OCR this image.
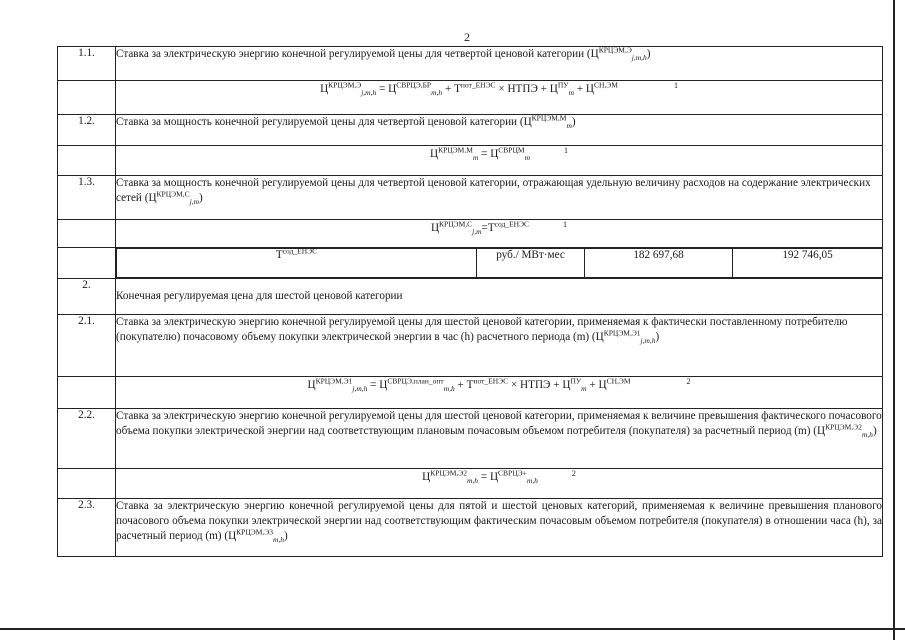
2
1.1.	Ставка за электрическую энергию конечной регулируемой цены для четвертой ценовой категории $(Ц^{КРЦЭМ,Э}_{j,m,h})$
	$Ц^{КРЦЭМ,Э}_{j,m,h} = Ц^{СВРЦЭ,БР}_{m,h} + Т^{пот\_ЕНЭС}$ × НТПЭ + $Ц^{ПУ}_m + Ц^{СН,ЭМ}$	1
1.2.	Ставка за мощность конечной регулируемой цены для четвертой ценовой категории $(Ц^{КРЦЭМ,М}_m)$
	$Ц^{КРЦЭМ,М}_m = Ц^{СВРЦМ}_m1$
1.3.	Ставка за мощность конечной регулируемой цены для четвертой ценовой категории, отражающая удельную величину расходов на содержание электрических сетей $(Ц^{КРЦЭМ,С}_{j,m})$
	$Ц^{КРЦЭМ,С}_{j,m}=Т^{сод\_ЕНЭС}$	1

$Т^{сод\_ЕНЭС}$	руб./ МВт·мес	182 697,68	192 746,05

2.	Конечная регулируемая цена для шестой ценовой категории
2.1.	Ставка за электрическую энергию конечной регулируемой цены для шестой ценовой категории, применяемая к фактически поставленному потребителю (покупателю) почасовому объему покупки электрической энергии в час (h) расчетного периода (m) $(Ц^{КРЦЭМ,Э1}_{j,m,h})$
	$Ц^{КРЦЭМ,Э1}_{j,m,h} = Ц^{СВРЦЭ,план\_опт}_{m,h} + Т^{пот\_ЕНЭС}$ × НТПЭ + $Ц^{ПУ}_m + Ц^{СН,ЭМ}$	2
2.2.	Ставка за электрическую энергию конечной регулируемой цены для шестой ценовой категории, применяемая к величине превышения фактического почасового объема покупки электрической энергии над соответствующим плановым почасовым объемом потребителя (покупателя) за расчетный период (m) $(Ц^{КРЦЭМ,Э2}_{m,h})$
	$Ц^{КРЦЭМ,Э2}_{m,h} = Ц^{СВРЦЭ+}_{m,h}2$
2.3.	Ставка за электрическую энергию конечной регулируемой цены для пятой и шестой ценовых категорий, применяемая к величине превышения планового почасового объема покупки электрической энергии над соответствующим фактическим почасовым объемом потребителя (покупателя) в отношении часа (h), за расчетный период (m) $(Ц^{КРЦЭМ,Э3}_{m,h})$
